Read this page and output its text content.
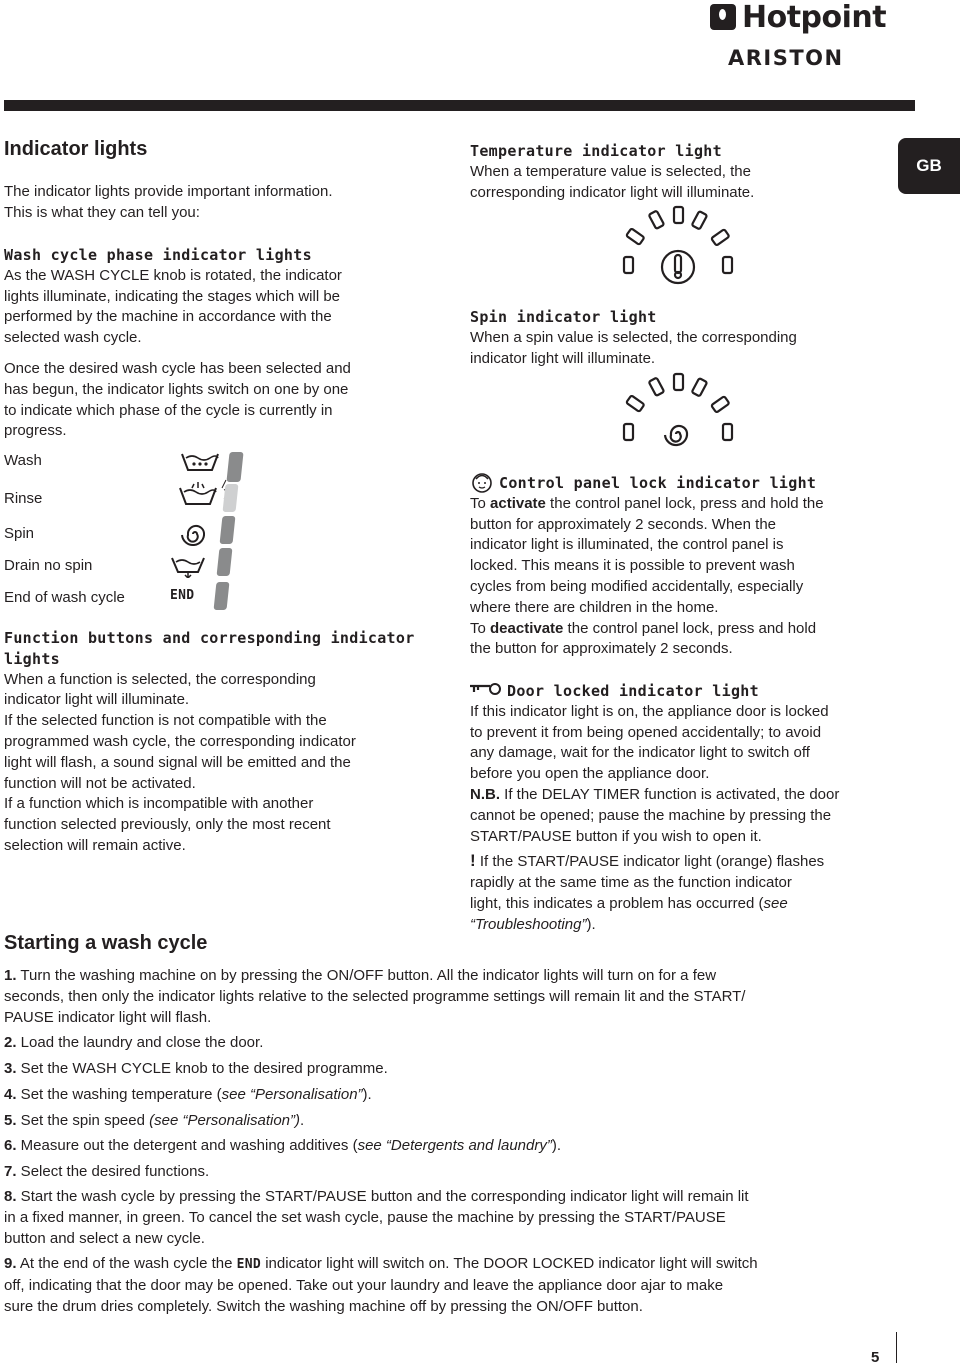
Hotpoint
ARISTON
GB
Indicator lights

The indicator lights provide important information.

This is what they can tell you:

Wash cycle phase indicator lights

As the WASH CYCLE knob is rotated, the indicator

lights illuminate, indicating the stages which will be

performed by the machine in accordance with the

selected wash cycle.

Once the desired wash cycle has been selected and

has begun, the indicator lights switch on one by one

to indicate which phase of the cycle is currently in

progress.

Wash
Rinse
Spin
Drain no spin
End of wash cycle	END

Function buttons and corresponding indicator

lights

When a function is selected, the corresponding

indicator light will illuminate.

If the selected function is not compatible with the

programmed wash cycle, the corresponding indicator

light will flash, a sound signal will be emitted and the

function will not be activated.

If a function which is incompatible with another

function selected previously, only the most recent

selection will remain active.

Temperature indicator light

When a temperature value is selected, the

corresponding indicator light will illuminate.

Spin indicator light

When a spin value is selected, the corresponding

indicator light will illuminate.

Control panel lock indicator light

To activate the control panel lock, press and hold the

button for approximately 2 seconds. When the

indicator light is illuminated, the control panel is

locked. This means it is possible to prevent wash

cycles from being modified accidentally, especially

where there are children in the home.

To deactivate the control panel lock, press and hold

the button for approximately 2 seconds.

Door locked indicator light

If this indicator light is on, the appliance door is locked

to prevent it from being opened accidentally; to avoid

any damage, wait for the indicator light to switch off

before you open the appliance door.

N.B. If the DELAY TIMER function is activated, the door

cannot be opened; pause the machine by pressing the

START/PAUSE button if you wish to open it.

! If the START/PAUSE indicator light (orange) flashes

rapidly at the same time as the function indicator

light, this indicates a problem has occurred (see

“Troubleshooting”).

Starting a wash cycle

1. Turn the washing machine on by pressing the ON/OFF button. All the indicator lights will turn on for a few

seconds, then only the indicator lights relative to the selected programme settings will remain lit and the START/

PAUSE indicator light will flash.

2. Load the laundry and close the door.

3. Set the WASH CYCLE knob to the desired programme.

4. Set the washing temperature (see “Personalisation”).

5. Set the spin speed (see “Personalisation”).

6. Measure out the detergent and washing additives (see “Detergents and laundry”).

7. Select the desired functions.

8. Start the wash cycle by pressing the START/PAUSE button and the corresponding indicator light will remain lit

in a fixed manner, in green. To cancel the set wash cycle, pause the machine by pressing the START/PAUSE

button and select a new cycle.

9. At the end of the wash cycle the END indicator light will switch on. The DOOR LOCKED indicator light will switch

off, indicating that the door may be opened. Take out your laundry and leave the appliance door ajar to make

sure the drum dries completely. Switch the washing machine off by pressing the ON/OFF button.

5
